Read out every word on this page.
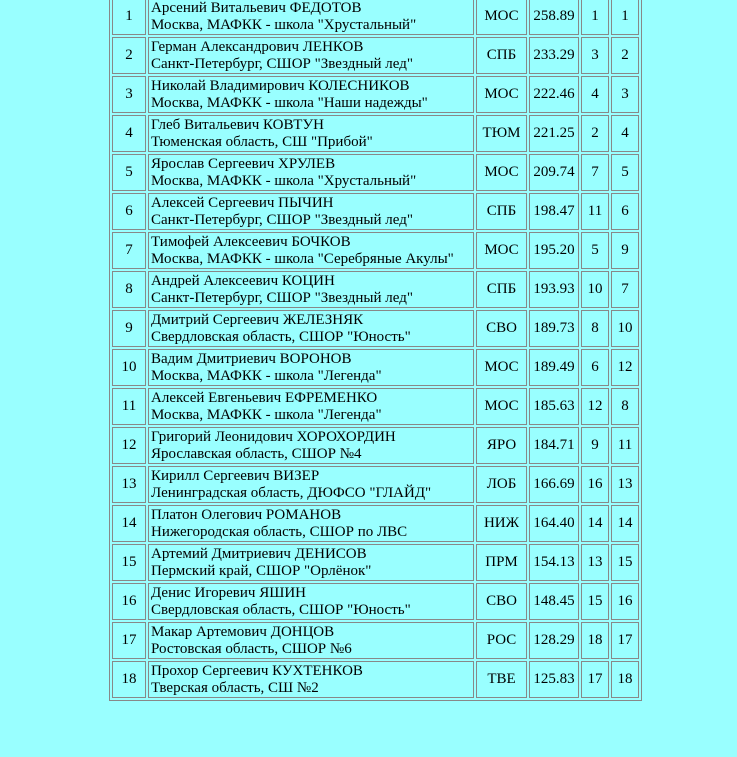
1	Арсений Витальевич ФЕДОТОВ
Москва, МАФКК - школа "Хрустальный"	МОС	258.89	1	1
2	Герман Александрович ЛЕНКОВ
Санкт-Петербург, СШОР "Звездный лед"	СПБ	233.29	3	2
3	Николай Владимирович КОЛЕСНИКОВ
Москва, МАФКК - школа "Наши надежды"	МОС	222.46	4	3
4	Глеб Витальевич КОВТУН
Тюменская область, СШ "Прибой"	ТЮМ	221.25	2	4
5	Ярослав Сергеевич ХРУЛЕВ
Москва, МАФКК - школа "Хрустальный"	МОС	209.74	7	5
6	Алексей Сергеевич ПЫЧИН
Санкт-Петербург, СШОР "Звездный лед"	СПБ	198.47	11	6
7	Тимофей Алексеевич БОЧКОВ
Москва, МАФКК - школа "Серебряные Акулы"	МОС	195.20	5	9
8	Андрей Алексеевич КОЦИН
Санкт-Петербург, СШОР "Звездный лед"	СПБ	193.93	10	7
9	Дмитрий Сергеевич ЖЕЛЕЗНЯК
Свердловская область, СШОР "Юность"	СВО	189.73	8	10
10	Вадим Дмитриевич ВОРОНОВ
Москва, МАФКК - школа "Легенда"	МОС	189.49	6	12
11	Алексей Евгеньевич ЕФРЕМЕНКО
Москва, МАФКК - школа "Легенда"	МОС	185.63	12	8
12	Григорий Леонидович ХОРОХОРДИН
Ярославская область, СШОР №4	ЯРО	184.71	9	11
13	Кирилл Сергеевич ВИЗЕР
Ленинградская область, ДЮФСО "ГЛАЙД"	ЛОБ	166.69	16	13
14	Платон Олегович РОМАНОВ
Нижегородская область, СШОР по ЛВС	НИЖ	164.40	14	14
15	Артемий Дмитриевич ДЕНИСОВ
Пермский край, СШОР "Орлёнок"	ПРМ	154.13	13	15
16	Денис Игоревич ЯШИН
Свердловская область, СШОР "Юность"	СВО	148.45	15	16
17	Макар Артемович ДОНЦОВ
Ростовская область, СШОР №6	РОС	128.29	18	17
18	Прохор Сергеевич КУХТЕНКОВ
Тверская область, СШ №2	ТВЕ	125.83	17	18
